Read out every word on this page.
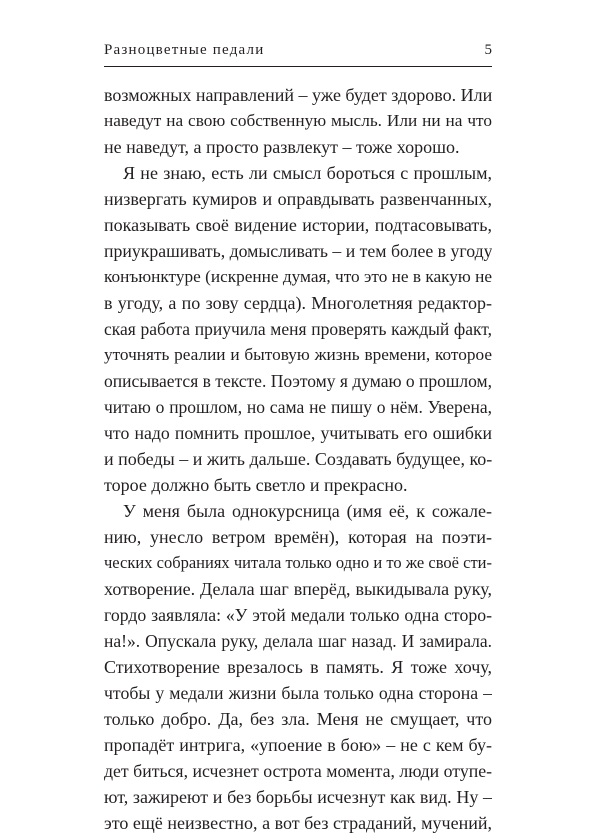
Разноцветные педали	5
возможных направлений – уже будет здорово. Или
наведут на свою собственную мысль. Или ни на что
не наведут, а просто развлекут – тоже хорошо.
Я не знаю, есть ли смысл бороться с прошлым,
низвергать кумиров и оправдывать развенчанных,
показывать своё видение истории, подтасовывать,
приукрашивать, домысливать – и тем более в угоду
конъюнктуре (искренне думая, что это не в какую не
в угоду, а по зову сердца). Многолетняя редактор-
ская работа приучила меня проверять каждый факт,
уточнять реалии и бытовую жизнь времени, которое
описывается в тексте. Поэтому я думаю о прошлом,
читаю о прошлом, но сама не пишу о нём. Уверена,
что надо помнить прошлое, учитывать его ошибки
и победы – и жить дальше. Создавать будущее, ко-
торое должно быть светло и прекрасно.
У меня была однокурсница (имя её, к сожале-
нию, унесло ветром времён), которая на поэти-
ческих собраниях читала только одно и то же своё сти-
хотворение. Делала шаг вперёд, выкидывала руку,
гордо заявляла: «У этой медали только одна сторо-
на!». Опускала руку, делала шаг назад. И замирала.
Стихотворение врезалось в память. Я тоже хочу,
чтобы у медали жизни была только одна сторона –
только добро. Да, без зла. Меня не смущает, что
пропадёт интрига, «упоение в бою» – не с кем бу-
дет биться, исчезнет острота момента, люди отупе-
ют, зажиреют и без борьбы исчезнут как вид. Ну –
это ещё неизвестно, а вот без страданий, мучений,
